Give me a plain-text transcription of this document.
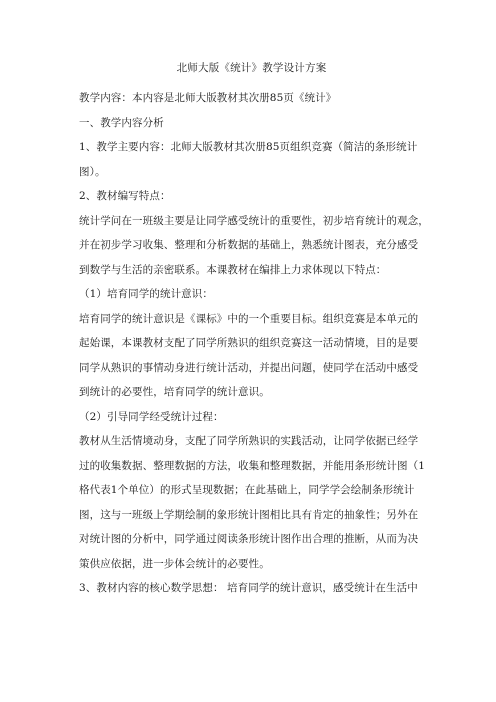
北师大版《统计》教学设计方案

教学内容：本内容是北师大版教材其次册85页《统计》

一、教学内容分析

1、教学主要内容：北师大版教材其次册85页组织竞赛（简洁的条形统计
图）。

2、教材编写特点：

统计学问在一班级主要是让同学感受统计的重要性，初步培育统计的观念，
并在初步学习收集、整理和分析数据的基础上，熟悉统计图表，充分感受
到数学与生活的亲密联系。本课教材在编排上力求体现以下特点：

（1）培育同学的统计意识：

培育同学的统计意识是《课标》中的一个重要目标。组织竞赛是本单元的
起始课，本课教材支配了同学所熟识的组织竞赛这一活动情境，目的是要
同学从熟识的事情动身进行统计活动，并提出问题，使同学在活动中感受
到统计的必要性，培育同学的统计意识。

（2）引导同学经受统计过程：

教材从生活情境动身，支配了同学所熟识的实践活动，让同学依据已经学
过的收集数据、整理数据的方法，收集和整理数据，并能用条形统计图（1
格代表1个单位）的形式呈现数据；在此基础上，同学学会绘制条形统计
图，这与一班级上学期绘制的象形统计图相比具有肯定的抽象性；另外在
对统计图的分析中，同学通过阅读条形统计图作出合理的推断，从而为决
策供应依据，进一步体会统计的必要性。

3、教材内容的核心数学思想： 培育同学的统计意识，感受统计在生活中
